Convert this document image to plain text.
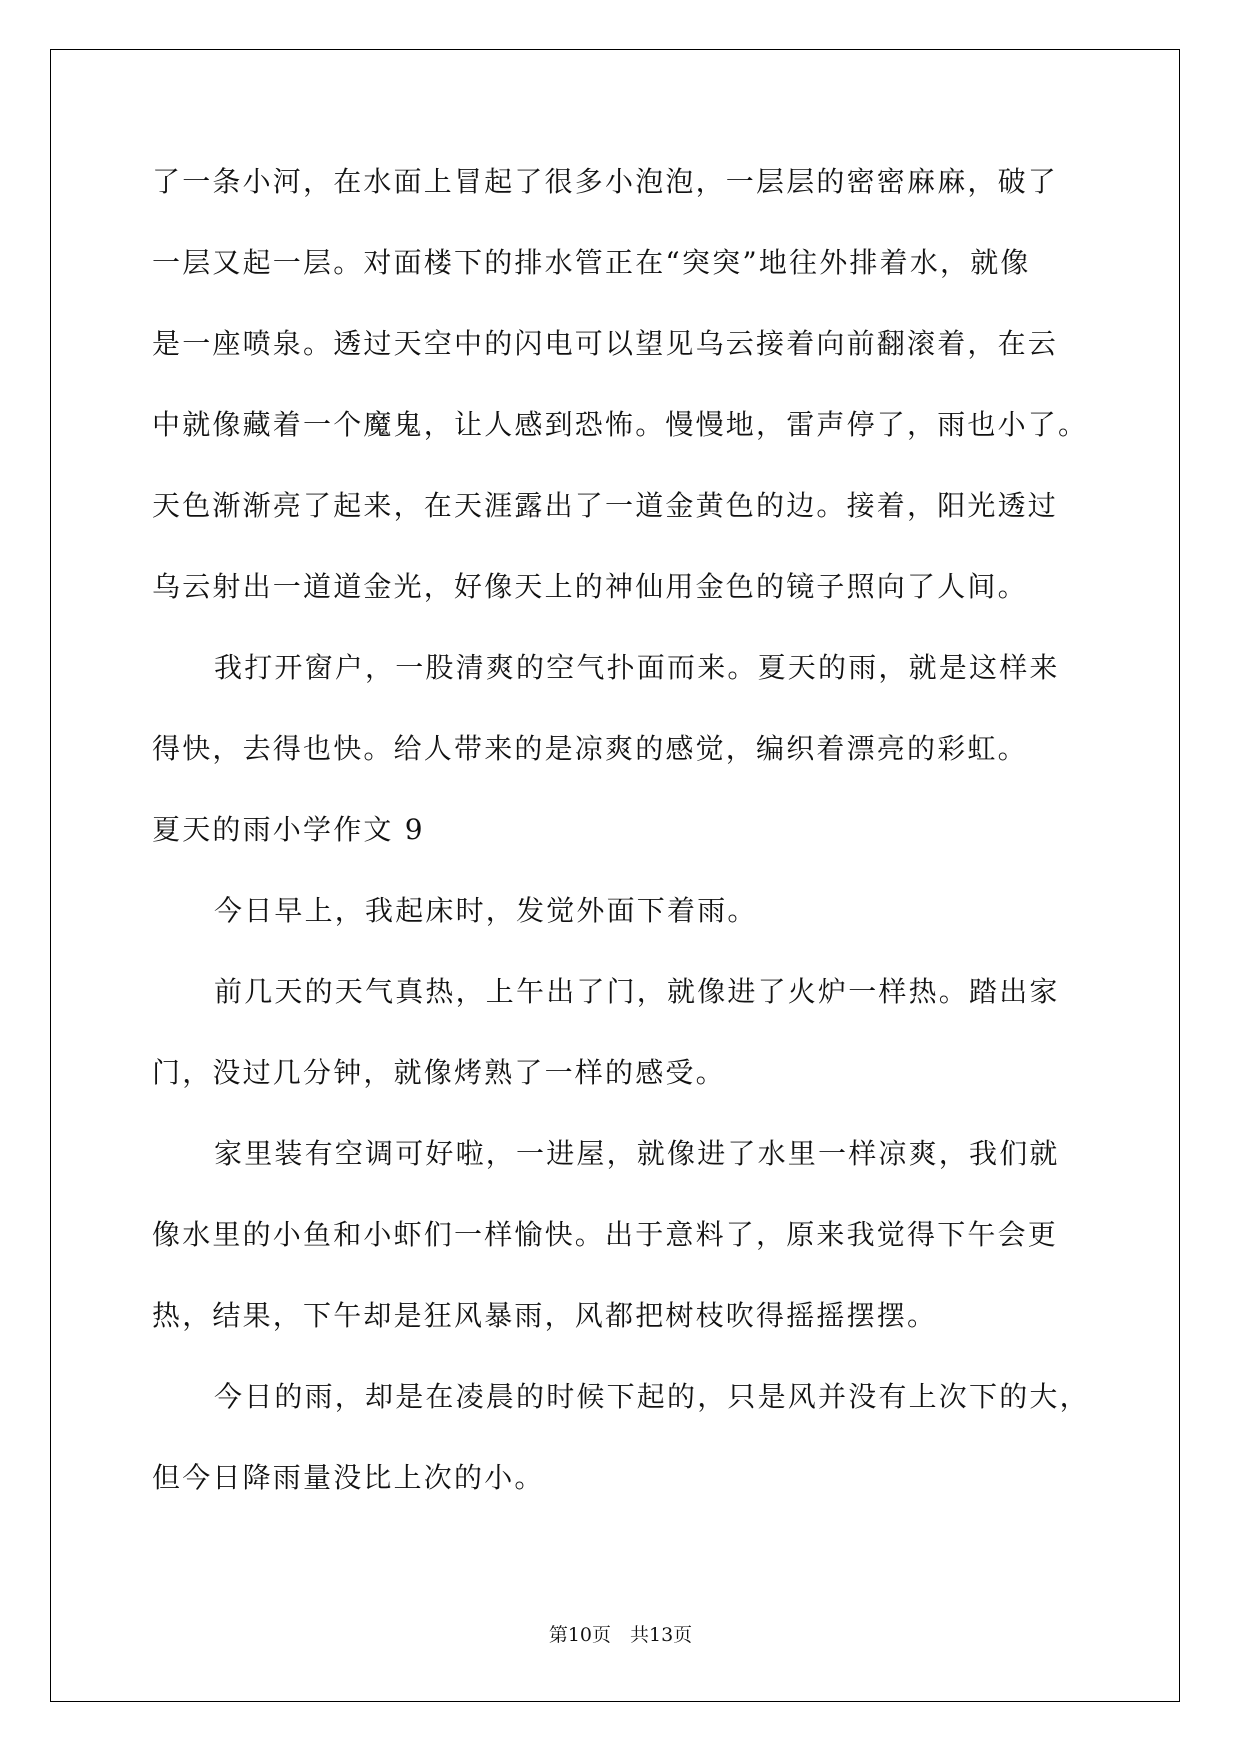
了一条小河，在水面上冒起了很多小泡泡，一层层的密密麻麻，破了
一层又起一层。对面楼下的排水管正在“突突”地往外排着水，就像
是一座喷泉。透过天空中的闪电可以望见乌云接着向前翻滚着，在云
中就像藏着一个魔鬼，让人感到恐怖。慢慢地，雷声停了，雨也小了。
天色渐渐亮了起来，在天涯露出了一道金黄色的边。接着，阳光透过
乌云射出一道道金光，好像天上的神仙用金色的镜子照向了人间。
我打开窗户，一股清爽的空气扑面而来。夏天的雨，就是这样来
得快，去得也快。给人带来的是凉爽的感觉，编织着漂亮的彩虹。
夏天的雨小学作文 9
今日早上，我起床时，发觉外面下着雨。
前几天的天气真热，上午出了门，就像进了火炉一样热。踏出家
门，没过几分钟，就像烤熟了一样的感受。
家里装有空调可好啦，一进屋，就像进了水里一样凉爽，我们就
像水里的小鱼和小虾们一样愉快。出于意料了，原来我觉得下午会更
热，结果，下午却是狂风暴雨，风都把树枝吹得摇摇摆摆。
今日的雨，却是在凌晨的时候下起的，只是风并没有上次下的大，
但今日降雨量没比上次的小。
第10页　共13页
